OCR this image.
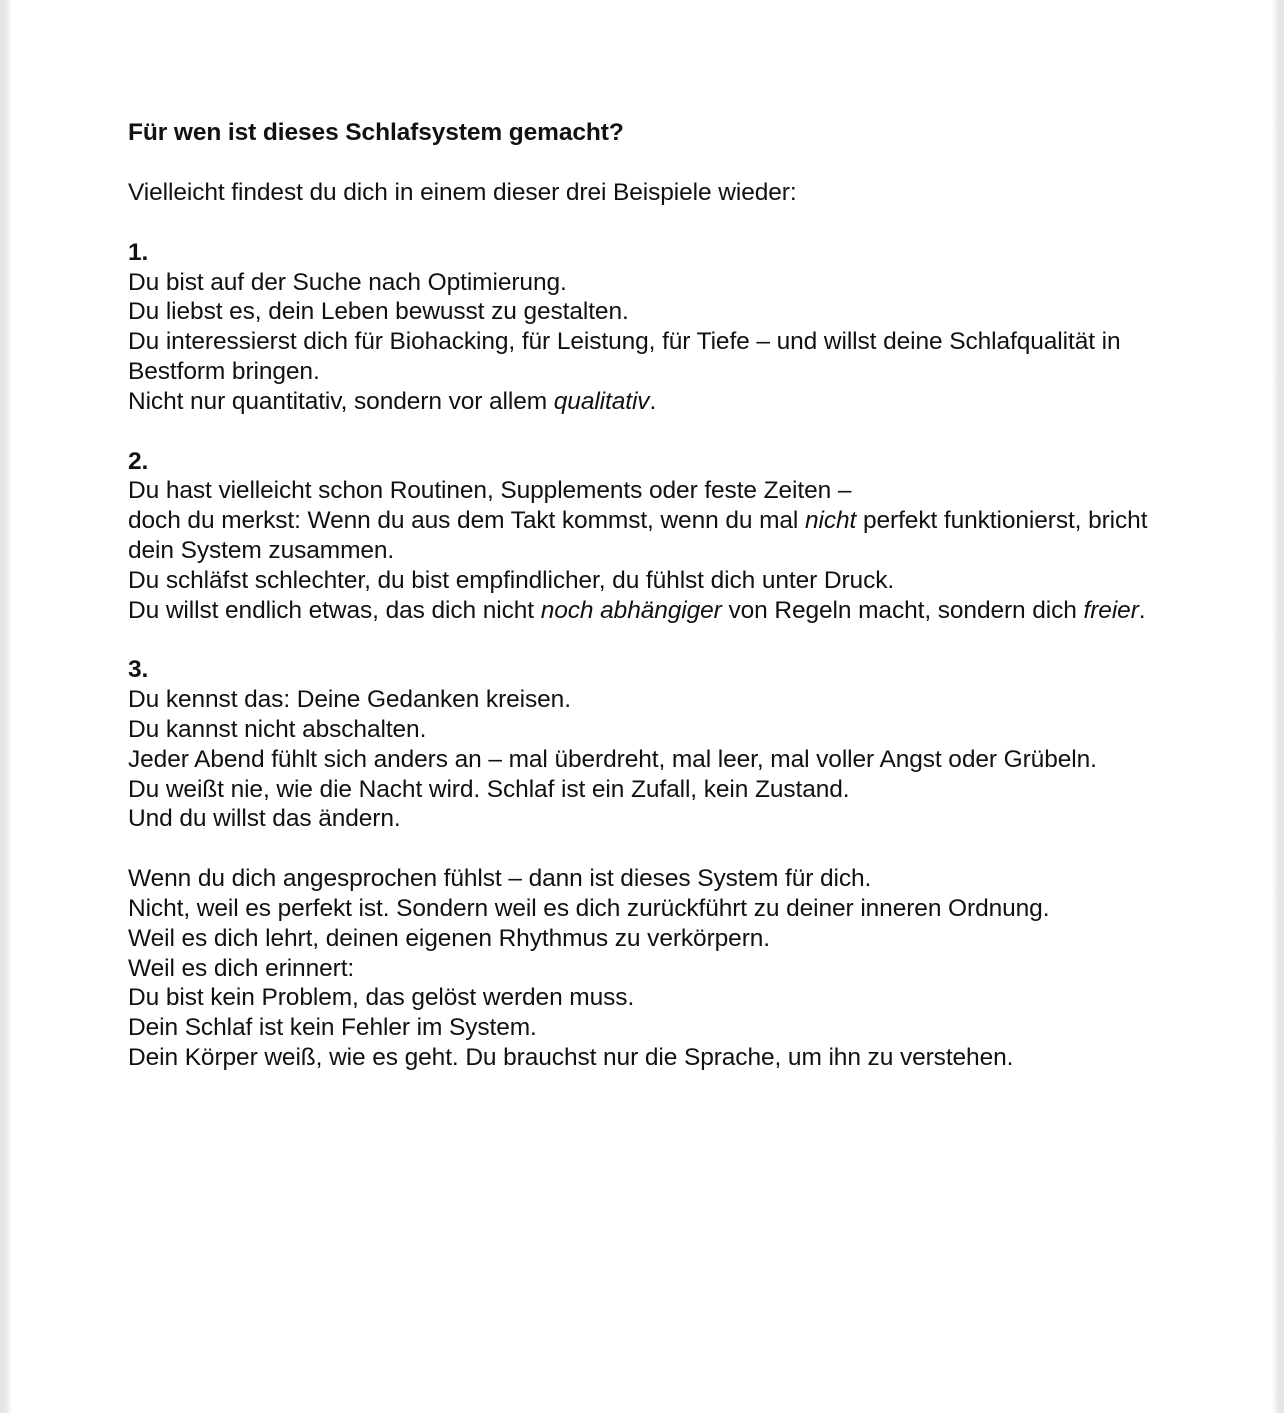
Für wen ist dieses Schlafsystem gemacht?

Vielleicht findest du dich in einem dieser drei Beispiele wieder:

1.
Du bist auf der Suche nach Optimierung.
Du liebst es, dein Leben bewusst zu gestalten.
Du interessierst dich für Biohacking, für Leistung, für Tiefe – und willst deine Schlafqualität in Bestform bringen.
Nicht nur quantitativ, sondern vor allem qualitativ.
2.
Du hast vielleicht schon Routinen, Supplements oder feste Zeiten –
doch du merkst: Wenn du aus dem Takt kommst, wenn du mal nicht perfekt funktionierst, bricht dein System zusammen.
Du schläfst schlechter, du bist empfindlicher, du fühlst dich unter Druck.
Du willst endlich etwas, das dich nicht noch abhängiger von Regeln macht, sondern dich freier.
3.
Du kennst das: Deine Gedanken kreisen.
Du kannst nicht abschalten.
Jeder Abend fühlt sich anders an – mal überdreht, mal leer, mal voller Angst oder Grübeln.
Du weißt nie, wie die Nacht wird. Schlaf ist ein Zufall, kein Zustand.
Und du willst das ändern.
Wenn du dich angesprochen fühlst – dann ist dieses System für dich.
Nicht, weil es perfekt ist. Sondern weil es dich zurückführt zu deiner inneren Ordnung.
Weil es dich lehrt, deinen eigenen Rhythmus zu verkörpern.
Weil es dich erinnert:
Du bist kein Problem, das gelöst werden muss.
Dein Schlaf ist kein Fehler im System.
Dein Körper weiß, wie es geht. Du brauchst nur die Sprache, um ihn zu verstehen.
